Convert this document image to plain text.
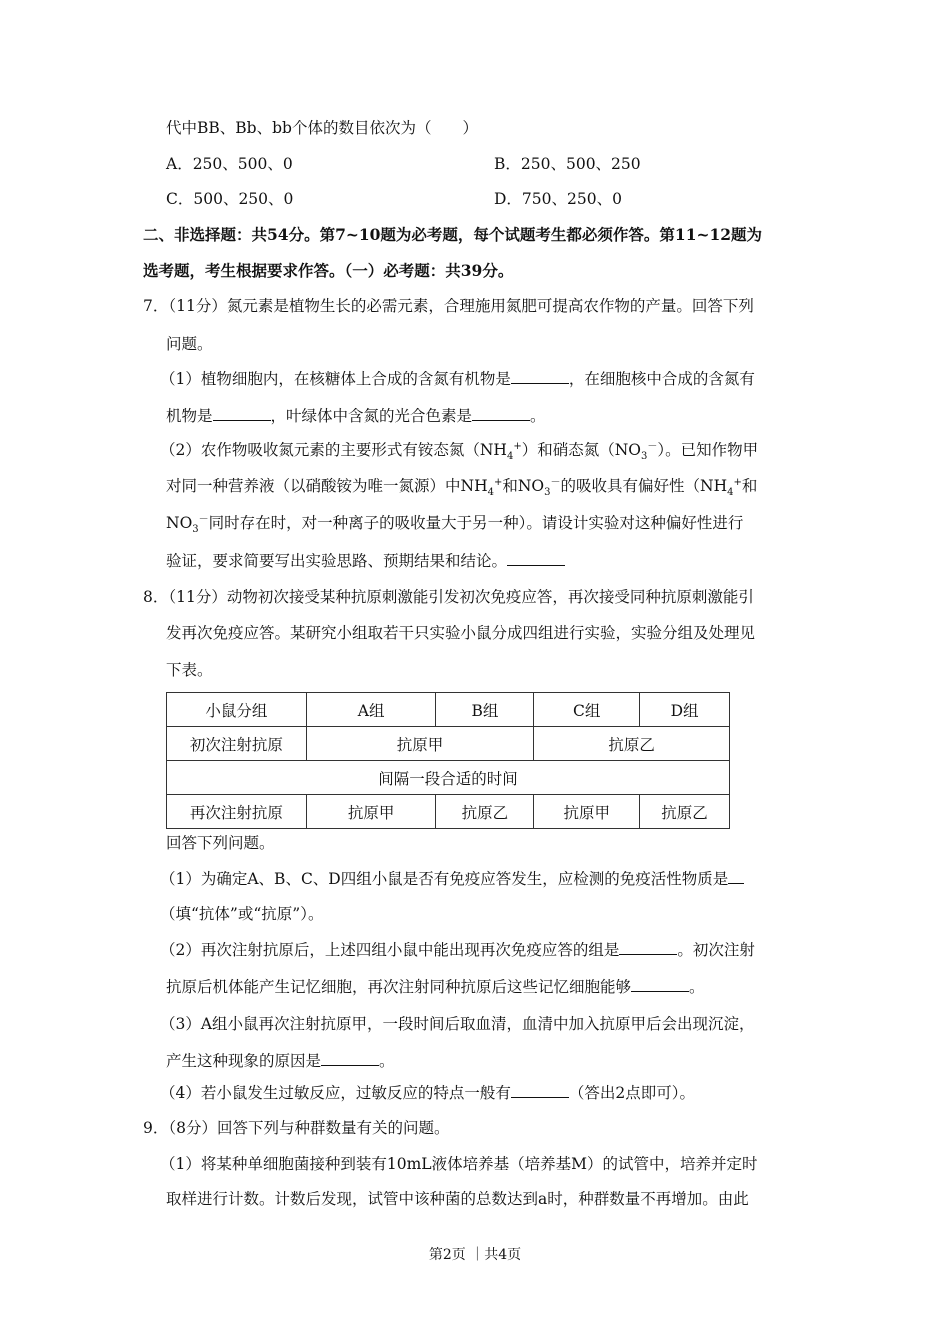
代中BB、Bb、bb个体的数目依次为（　　）
A．250、500、0	B．250、500、250
C．500、250、0	D．750、250、0
二、非选择题：共54分。第7~10题为必考题，每个试题考生都必须作答。第11~12题为
选考题，考生根据要求作答。（一）必考题：共39分。
7．（11分）氮元素是植物生长的必需元素，合理施用氮肥可提高农作物的产量。回答下列
问题。
（1）植物细胞内，在核糖体上合成的含氮有机物是	，在细胞核中合成的含氮有
机物是	，叶绿体中含氮的光合色素是	。
（2）农作物吸收氮元素的主要形式有铵态氮$(NH_4^+)$和硝态氮$(NO_3^-)$。已知作物甲
对同一种营养液（以硝酸铵为唯一氮源）中$NH_4^+$和$NO_3^-$的吸收具有偏好性（$NH_4^+$和
$NO_3^-$同时存在时，对一种离子的吸收量大于另一种）。请设计实验对这种偏好性进行
验证，要求简要写出实验思路、预期结果和结论。
8．（11分）动物初次接受某种抗原刺激能引发初次免疫应答，再次接受同种抗原刺激能引
发再次免疫应答。某研究小组取若干只实验小鼠分成四组进行实验，实验分组及处理见
下表。
小鼠分组	A组	B组	C组	D组
初次注射抗原	抗原甲		抗原乙	
间隔一段合适的时间				
再次注射抗原	抗原甲	抗原乙	抗原甲	抗原乙
回答下列问题。
（1）为确定A、B、C、D四组小鼠是否有免疫应答发生，应检测的免疫活性物质是
（填“抗体”或“抗原”）。
（2）再次注射抗原后，上述四组小鼠中能出现再次免疫应答的组是	。初次注射
抗原后机体能产生记忆细胞，再次注射同种抗原后这些记忆细胞能够	。
（3）A组小鼠再次注射抗原甲，一段时间后取血清，血清中加入抗原甲后会出现沉淀，
产生这种现象的原因是	。
（4）若小鼠发生过敏反应，过敏反应的特点一般有	（答出2点即可）。
9．（8分）回答下列与种群数量有关的问题。
（1）将某种单细胞菌接种到装有10mL液体培养基（培养基M）的试管中，培养并定时
取样进行计数。计数后发现，试管中该种菌的总数达到a时，种群数量不再增加。由此
第2页 ｜共4页
